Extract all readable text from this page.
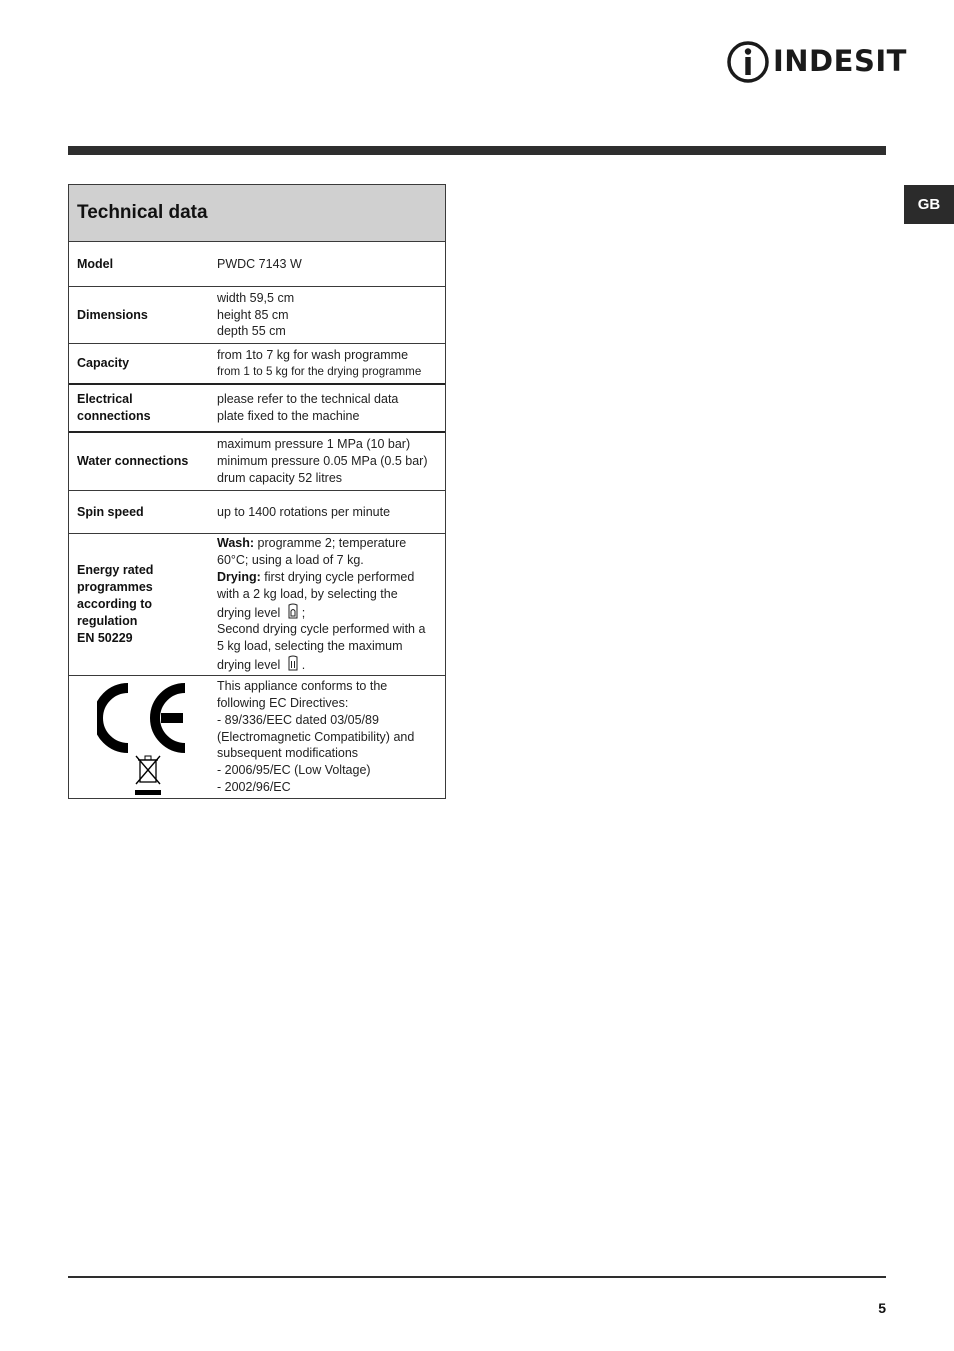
INDESIT
GB
Technical data
Model	PWDC 7143 W
Dimensions
width 59,5 cm
height 85 cm
depth 55 cm
Capacity
from 1to 7 kg for wash programme
from 1 to 5 kg for the drying programme
Electrical
connections
please refer to the technical data
plate fixed to the machine
Water connections
maximum pressure 1 MPa (10 bar)
minimum pressure 0.05 MPa (0.5 bar)
drum capacity 52 litres
Spin speed	up to 1400 rotations per minute
Energy rated
programmes
according to
regulation
EN 50229
Wash: programme 2; temperature
60°C; using a load of 7 kg.
Drying: first drying cycle performed
with a 2 kg load, by selecting the
drying level ;
Second drying cycle performed with a
5 kg load, selecting the maximum
drying level .
This appliance conforms to the
following EC Directives:
- 89/336/EEC dated 03/05/89
(Electromagnetic Compatibility) and
subsequent modifications
- 2006/95/EC (Low Voltage)
- 2002/96/EC
5
